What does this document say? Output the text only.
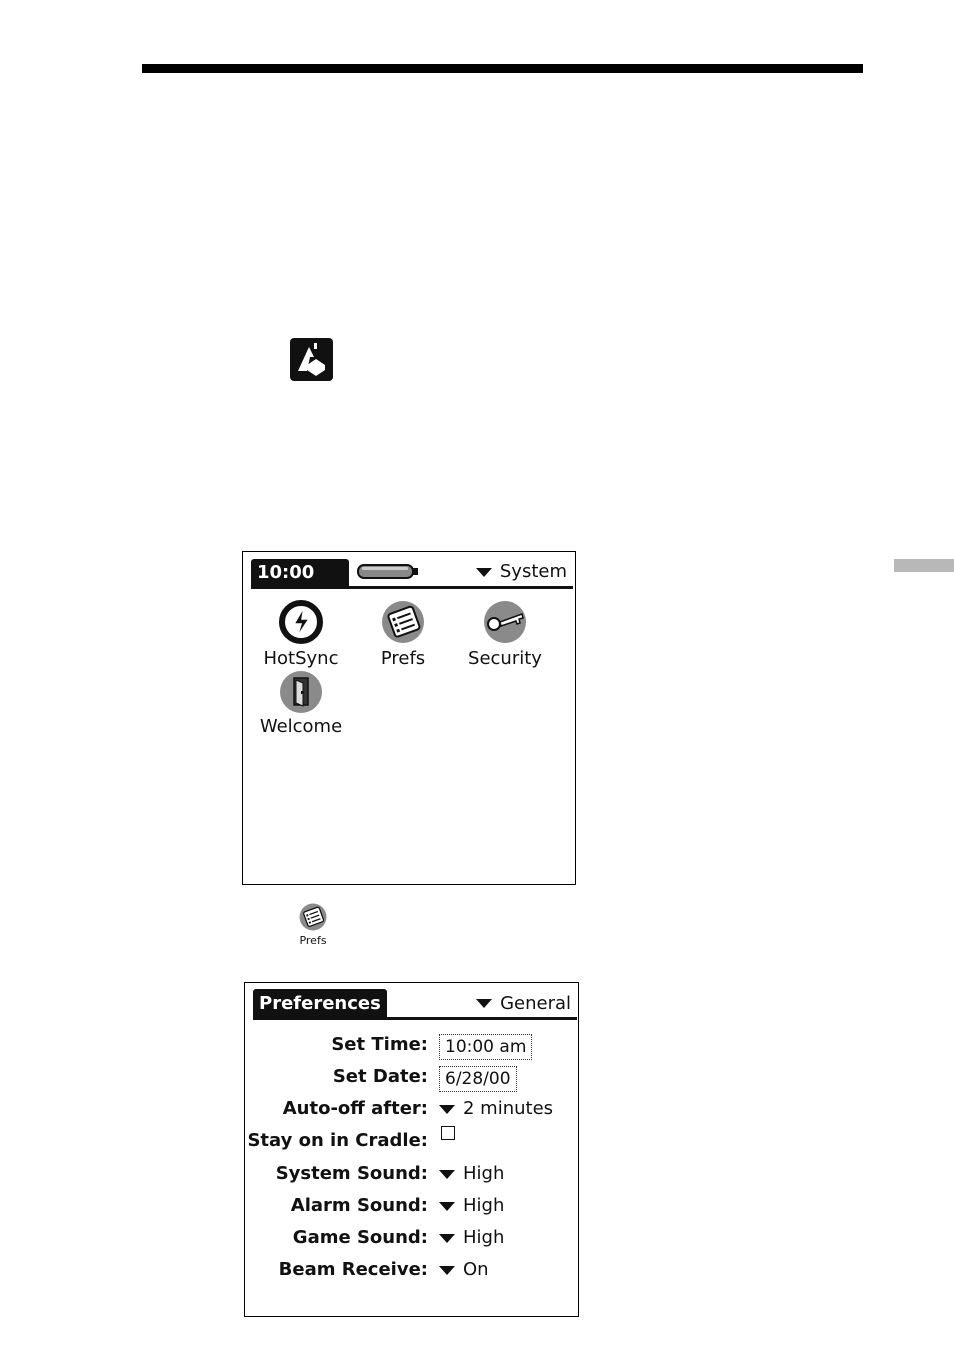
10:00 am
System
HotSync	Prefs	Security
Welcome
Prefs
Preferences	General
Set Time:	10:00 am
Set Date:	6/28/00
Auto-off after: 2 minutes
Stay on in Cradle:
System Sound: High
Alarm Sound: High
Game Sound: High
Beam Receive: On
